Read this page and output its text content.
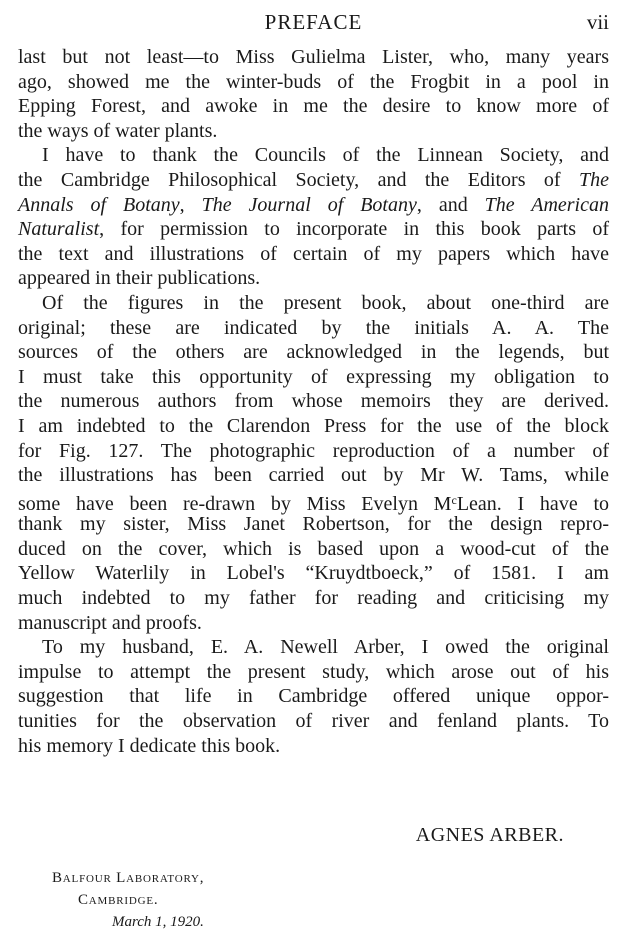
PREFACE	vii
last but not least—to Miss Gulielma Lister, who, many years
ago, showed me the winter-buds of the Frogbit in a pool in
Epping Forest, and awoke in me the desire to know more of
the ways of water plants.
I have to thank the Councils of the Linnean Society, and
the Cambridge Philosophical Society, and the Editors of The
Annals of Botany, The Journal of Botany, and The American
Naturalist, for permission to incorporate in this book parts of
the text and illustrations of certain of my papers which have
appeared in their publications.
Of the figures in the present book, about one-third are
original; these are indicated by the initials A. A. The
sources of the others are acknowledged in the legends, but
I must take this opportunity of expressing my obligation to
the numerous authors from whose memoirs they are derived.
I am indebted to the Clarendon Press for the use of the block
for Fig. 127. The photographic reproduction of a number of
the illustrations has been carried out by Mr W. Tams, while
some have been re-drawn by Miss Evelyn $M^cLean$. I have to
thank my sister, Miss Janet Robertson, for the design repro-
duced on the cover, which is based upon a wood-cut of the
Yellow Waterlily in Lobel's “Kruydtboeck,” of 1581. I am
much indebted to my father for reading and criticising my
manuscript and proofs.
To my husband, E. A. Newell Arber, I owed the original
impulse to attempt the present study, which arose out of his
suggestion that life in Cambridge offered unique oppor-
tunities for the observation of river and fenland plants. To
his memory I dedicate this book.
AGNES ARBER.
Balfour Laboratory,
Cambridge.
March 1, 1920.
